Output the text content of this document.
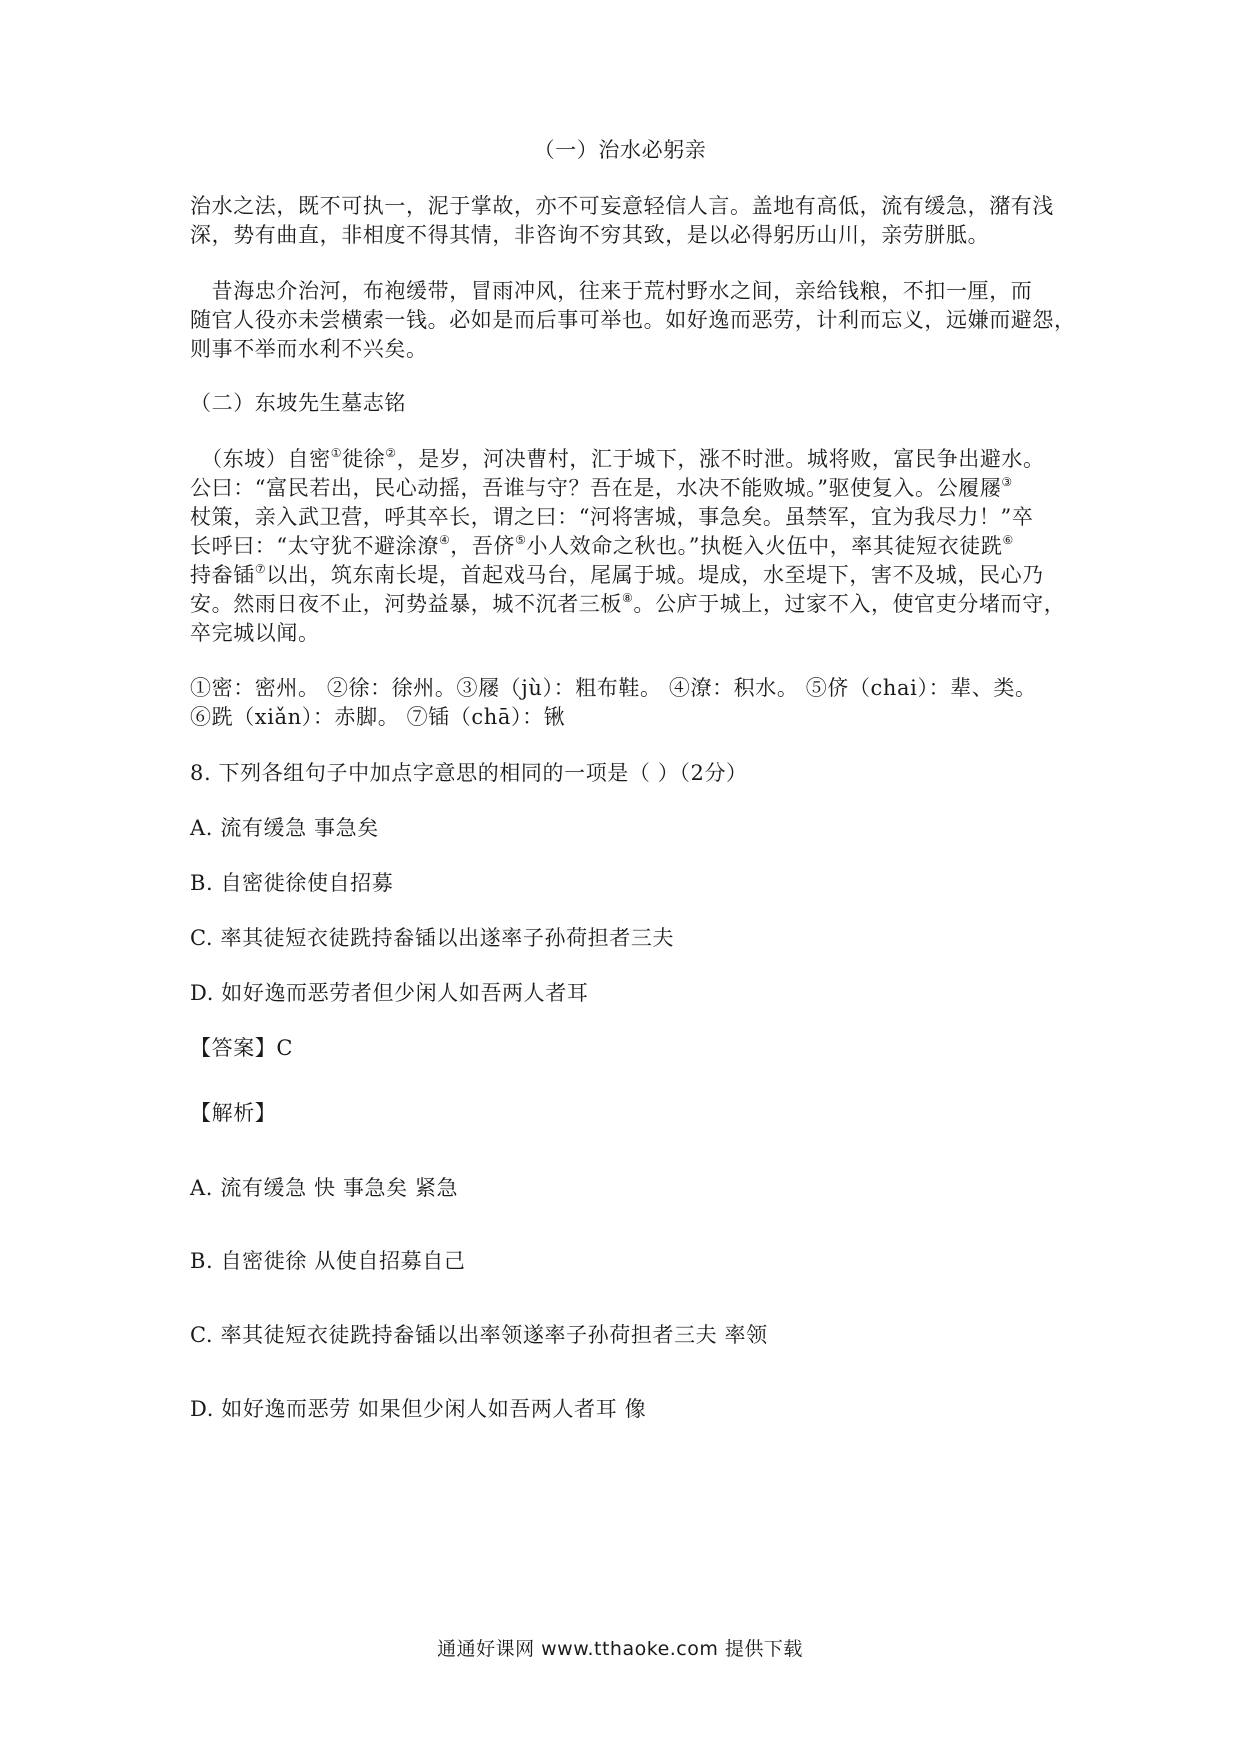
（一）治水必躬亲
治水之法，既不可执一，泥于掌故，亦不可妄意轻信人言。盖地有高低，流有缓急，潴有浅
深，势有曲直，非相度不得其情，非咨询不穷其致，是以必得躬历山川，亲劳胼胝。
　昔海忠介治河，布袍缓带，冒雨冲风，往来于荒村野水之间，亲给钱粮，不扣一厘，而
随官人役亦未尝横索一钱。必如是而后事可举也。如好逸而恶劳，计利而忘义，远嫌而避怨，
则事不举而水利不兴矣。
（二）东坡先生墓志铭
　（东坡）自密①徙徐②，是岁，河决曹村，汇于城下，涨不时泄。城将败，富民争出避水。
公曰：“富民若出，民心动摇，吾谁与守？吾在是，水决不能败城。”驱使复入。公履屦③
杖策，亲入武卫营，呼其卒长，谓之曰：“河将害城，事急矣。虽禁军，宜为我尽力！”卒
长呼曰：“太守犹不避涂潦④，吾侪⑤小人效命之秋也。”执梃入火伍中，率其徒短衣徒跣⑥
持畚锸⑦以出，筑东南长堤，首起戏马台，尾属于城。堤成，水至堤下，害不及城，民心乃
安。然雨日夜不止，河势益暴，城不沉者三板⑧。公庐于城上，过家不入，使官吏分堵而守，
卒完城以闻。
①密：密州。 ②徐：徐州。③屦（jù）：粗布鞋。 ④潦：积水。 ⑤侪（chai）：辈、类。
⑥跣（xiǎn）：赤脚。 ⑦锸（chā）：锹
8. 下列各组句子中加点字意思的相同的一项是（ ）（2分）
A. 流有缓急 事急矣
B. 自密徙徐使自招募
C. 率其徒短衣徒跣持畚锸以出遂率子孙荷担者三夫
D. 如好逸而恶劳者但少闲人如吾两人者耳
【答案】C
【解析】
A. 流有缓急 快 事急矣 紧急
B. 自密徙徐 从使自招募自己
C. 率其徒短衣徒跣持畚锸以出率领遂率子孙荷担者三夫 率领
D. 如好逸而恶劳 如果但少闲人如吾两人者耳 像
通通好课网 www.tthaoke.com 提供下载
